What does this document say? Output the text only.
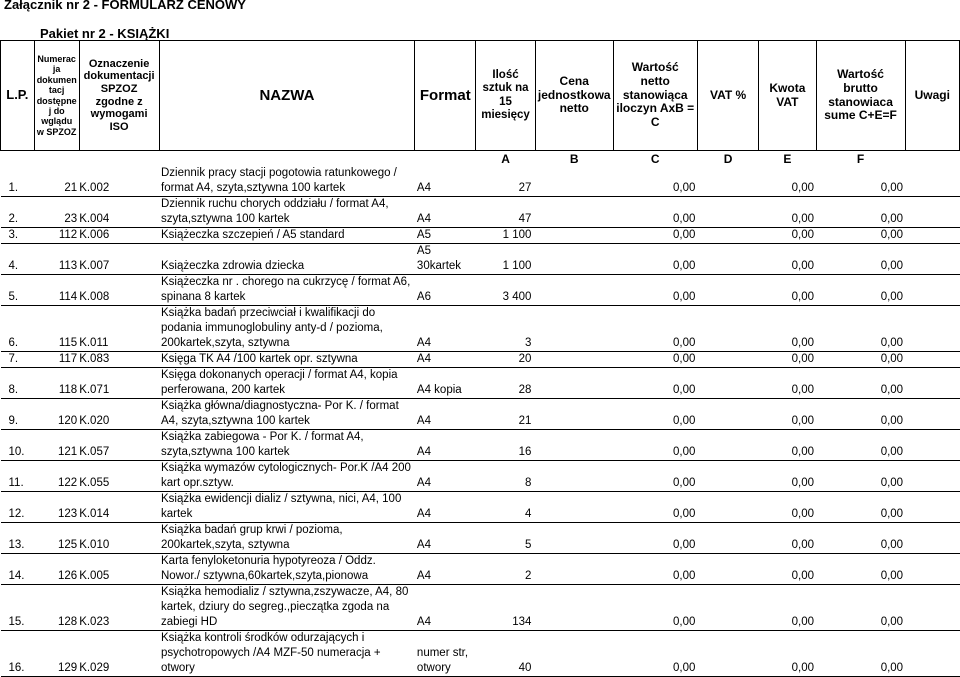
Załącznik nr 2 - FORMULARZ CENOWY
Pakiet nr 2 - KSIĄŻKI
L.P.	Numerac ja dokumen tacj dostępne j do wglądu w SPZOZ	Oznaczenie dokumentacji SPZOZ zgodne z wymogami ISO	NAZWA	Format	Ilość sztuk na 15 miesięcy	Cena jednostkowa netto	Wartość netto stanowiąca iloczyn AxB = C	VAT %	Kwota VAT	Wartość brutto stanowiaca sume C+E=F	Uwagi
					A	B	C	D	E	F	
1.	21	K.002	Dziennik pracy stacji pogotowia ratunkowego / format A4, szyta,sztywna 100 kartek	A4	27		0,00		0,00	0,00	
2.	23	K.004	Dziennik ruchu chorych oddziału / format A4, szyta,sztywna 100 kartek	A4	47		0,00		0,00	0,00	
3.	112	K.006	Książeczka szczepień / A5 standard	A5	1 100		0,00		0,00	0,00	
4.	113	K.007	Książeczka zdrowia dziecka	A5 30kartek	1 100		0,00		0,00	0,00	
5.	114	K.008	Książeczka nr . chorego na cukrzycę / format A6, spinana 8 kartek	A6	3 400		0,00		0,00	0,00	
6.	115	K.011	Książka badań przeciwciał i kwalifikacji do podania immunoglobuliny anty-d / pozioma, 200kartek,szyta, sztywna	A4	3		0,00		0,00	0,00	
7.	117	K.083	Księga TK A4 /100 kartek opr. sztywna	A4	20		0,00		0,00	0,00	
8.	118	K.071	Księga dokonanych operacji / format A4, kopia perferowana, 200 kartek	A4 kopia	28		0,00		0,00	0,00	
9.	120	K.020	Książka główna/diagnostyczna- Por K. / format A4, szyta,sztywna 100 kartek	A4	21		0,00		0,00	0,00	
10.	121	K.057	Książka zabiegowa - Por K. / format A4, szyta,sztywna 100 kartek	A4	16		0,00		0,00	0,00	
11.	122	K.055	Książka wymazów cytologicznych- Por.K /A4 200 kart opr.sztyw.	A4	8		0,00		0,00	0,00	
12.	123	K.014	Książka ewidencji dializ / sztywna, nici, A4, 100 kartek	A4	4		0,00		0,00	0,00	
13.	125	K.010	Książka badań grup krwi / pozioma, 200kartek,szyta, sztywna	A4	5		0,00		0,00	0,00	
14.	126	K.005	Karta fenyloketonuria hypotyreoza / Oddz. Nowor./ sztywna,60kartek,szyta,pionowa	A4	2		0,00		0,00	0,00	
15.	128	K.023	Książka hemodializ / sztywna,zszywacze, A4, 80 kartek, dziury do segreg.,pieczątka zgoda na zabiegi HD	A4	134		0,00		0,00	0,00	
16.	129	K.029	Książka kontroli środków odurzających i psychotropowych /A4 MZF-50 numeracja + otwory	numer str, otwory	40		0,00		0,00	0,00	
